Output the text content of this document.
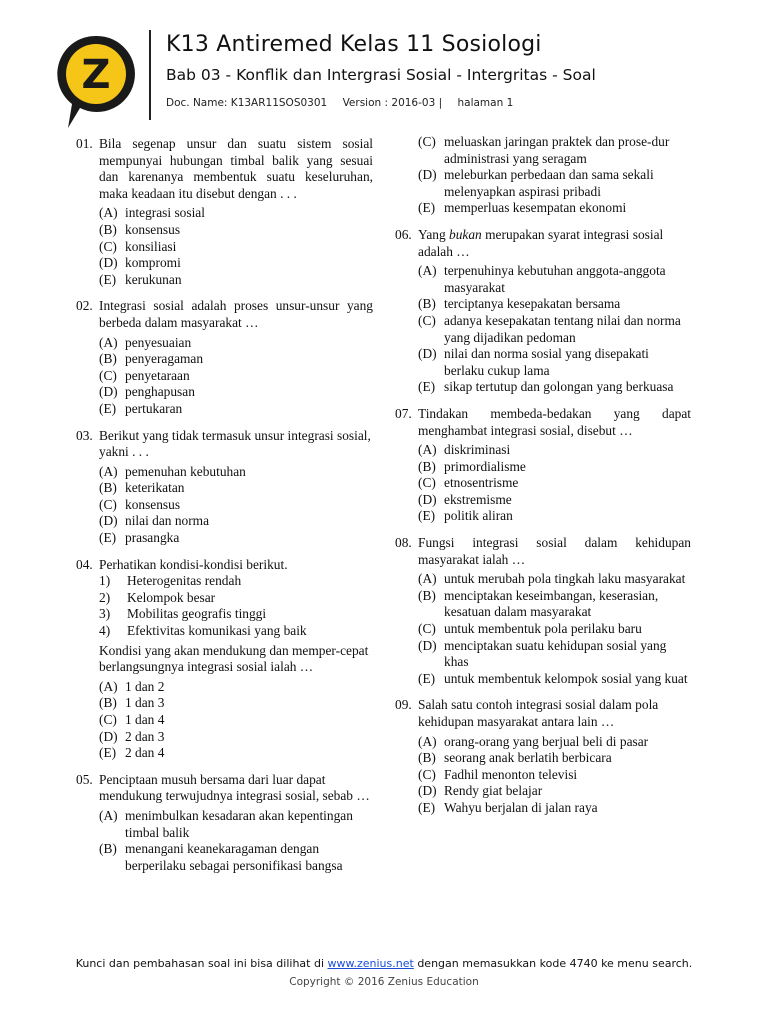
Z
K13 Antiremed Kelas 11 Sosiologi
Bab 03 - Konflik dan Intergrasi Sosial - Intergritas - Soal
Doc. Name: K13AR11SOS0301 Version : 2016-03 | halaman 1
01. Bila segenap unsur dan suatu sistem sosial mempunyai hubungan timbal balik yang sesuai dan karenanya membentuk suatu keseluruhan, maka keadaan itu disebut dengan . . .
(A) integrasi sosial
(B) konsensus
(C) konsiliasi
(D) kompromi
(E) kerukunan
02. Integrasi sosial adalah proses unsur-unsur yang berbeda dalam masyarakat …
(A) penyesuaian
(B) penyeragaman
(C) penyetaraan
(D) penghapusan
(E) pertukaran
03. Berikut yang tidak termasuk unsur integrasi sosial, yakni . . .
(A) pemenuhan kebutuhan
(B) keterikatan
(C) konsensus
(D) nilai dan norma
(E) prasangka
04. Perhatikan kondisi-kondisi berikut.
1)	Heterogenitas rendah
2)	Kelompok besar
3)	Mobilitas geografis tinggi
4)	Efektivitas komunikasi yang baik
Kondisi yang akan mendukung dan memper-cepat berlangsungnya integrasi sosial ialah …
(A) 1 dan 2
(B) 1 dan 3
(C) 1 dan 4
(D) 2 dan 3
(E) 2 dan 4
05. Penciptaan musuh bersama dari luar dapat mendukung terwujudnya integrasi sosial, sebab …
(A) menimbulkan kesadaran akan kepentingan timbal balik
(B) menangani keanekaragaman dengan berperilaku sebagai personifikasi bangsa
(C) meluaskan jaringan praktek dan prose-dur administrasi yang seragam
(D) meleburkan perbedaan dan sama sekali melenyapkan aspirasi pribadi
(E) memperluas kesempatan ekonomi
06. Yang bukan merupakan syarat integrasi sosial adalah …
(A) terpenuhinya kebutuhan anggota-anggota masyarakat
(B) terciptanya kesepakatan bersama
(C) adanya kesepakatan tentang nilai dan norma yang dijadikan pedoman
(D) nilai dan norma sosial yang disepakati berlaku cukup lama
(E) sikap tertutup dan golongan yang berkuasa
07. Tindakan membeda-bedakan yang dapat menghambat integrasi sosial, disebut …
(A) diskriminasi
(B) primordialisme
(C) etnosentrisme
(D) ekstremisme
(E) politik aliran
08. Fungsi integrasi sosial dalam kehidupan masyarakat ialah …
(A) untuk merubah pola tingkah laku masyarakat
(B) menciptakan keseimbangan, keserasian, kesatuan dalam masyarakat
(C) untuk membentuk pola perilaku baru
(D) menciptakan suatu kehidupan sosial yang khas
(E) untuk membentuk kelompok sosial yang kuat
09. Salah satu contoh integrasi sosial dalam pola kehidupan masyarakat antara lain …
(A) orang-orang yang berjual beli di pasar
(B) seorang anak berlatih berbicara
(C) Fadhil menonton televisi
(D) Rendy giat belajar
(E) Wahyu berjalan di jalan raya
Kunci dan pembahasan soal ini bisa dilihat di www.zenius.net dengan memasukkan kode 4740 ke menu search.
Copyright © 2016 Zenius Education
